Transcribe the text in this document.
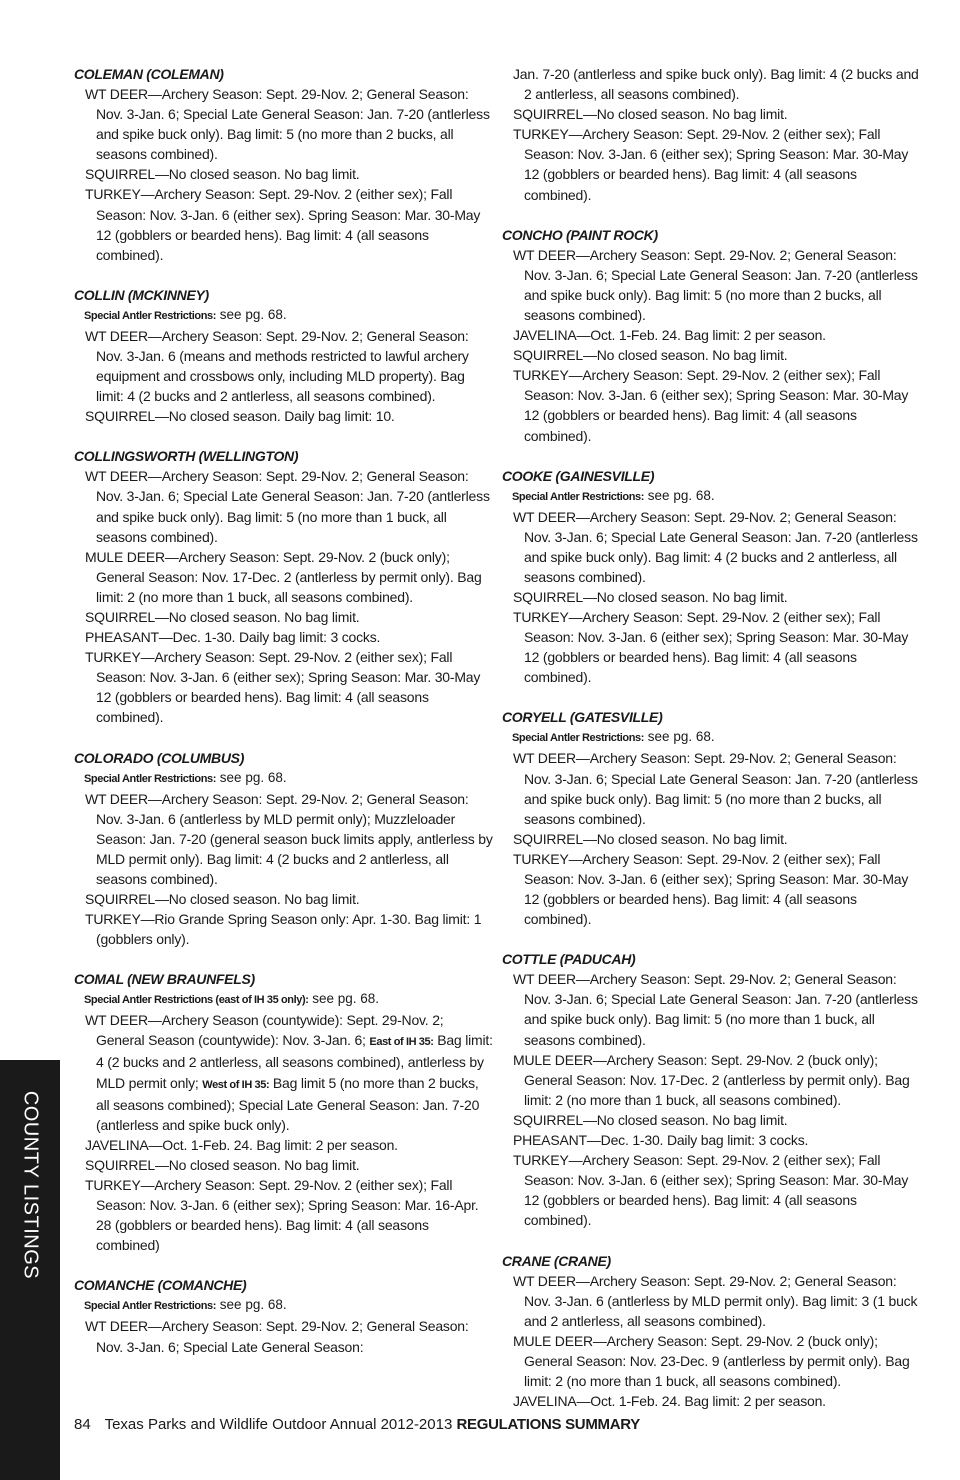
COLEMAN (COLEMAN)
WT DEER—Archery Season: Sept. 29-Nov. 2; General Season: Nov. 3-Jan. 6; Special Late General Season: Jan. 7-20 (antlerless and spike buck only). Bag limit: 5 (no more than 2 bucks, all seasons combined).
SQUIRREL—No closed season. No bag limit.
TURKEY—Archery Season: Sept. 29-Nov. 2 (either sex); Fall Season: Nov. 3-Jan. 6 (either sex). Spring Season: Mar. 30-May 12 (gobblers or bearded hens). Bag limit: 4 (all seasons combined).
COLLIN (MCKINNEY)
Special Antler Restrictions: see pg. 68.
WT DEER—Archery Season: Sept. 29-Nov. 2; General Season: Nov. 3-Jan. 6 (means and methods restricted to lawful archery equipment and crossbows only, including MLD property). Bag limit: 4 (2 bucks and 2 antlerless, all seasons combined).
SQUIRREL—No closed season. Daily bag limit: 10.
COLLINGSWORTH (WELLINGTON)
WT DEER—Archery Season: Sept. 29-Nov. 2; General Season: Nov. 3-Jan. 6; Special Late General Season: Jan. 7-20 (antlerless and spike buck only). Bag limit: 5 (no more than 1 buck, all seasons combined).
MULE DEER—Archery Season: Sept. 29-Nov. 2 (buck only); General Season: Nov. 17-Dec. 2 (antlerless by permit only). Bag limit: 2 (no more than 1 buck, all seasons combined).
SQUIRREL—No closed season. No bag limit.
PHEASANT—Dec. 1-30. Daily bag limit: 3 cocks.
TURKEY—Archery Season: Sept. 29-Nov. 2 (either sex); Fall Season: Nov. 3-Jan. 6 (either sex); Spring Season: Mar. 30-May 12 (gobblers or bearded hens). Bag limit: 4 (all seasons combined).
COLORADO (COLUMBUS)
Special Antler Restrictions: see pg. 68.
WT DEER—Archery Season: Sept. 29-Nov. 2; General Season: Nov. 3-Jan. 6 (antlerless by MLD permit only); Muzzleloader Season: Jan. 7-20 (general season buck limits apply, antlerless by MLD permit only). Bag limit: 4 (2 bucks and 2 antlerless, all seasons combined).
SQUIRREL—No closed season. No bag limit.
TURKEY—Rio Grande Spring Season only: Apr. 1-30. Bag limit: 1 (gobblers only).
COMAL (NEW BRAUNFELS)
Special Antler Restrictions (east of IH 35 only): see pg. 68.
WT DEER—Archery Season (countywide): Sept. 29-Nov. 2; General Season (countywide): Nov. 3-Jan. 6; East of IH 35: Bag limit: 4 (2 bucks and 2 antlerless, all seasons combined), antlerless by MLD permit only; West of IH 35: Bag limit 5 (no more than 2 bucks, all seasons combined); Special Late General Season: Jan. 7-20 (antlerless and spike buck only).
JAVELINA—Oct. 1-Feb. 24. Bag limit: 2 per season.
SQUIRREL—No closed season. No bag limit.
TURKEY—Archery Season: Sept. 29-Nov. 2 (either sex); Fall Season: Nov. 3-Jan. 6 (either sex); Spring Season: Mar. 16-Apr. 28 (gobblers or bearded hens). Bag limit: 4 (all seasons combined)
COMANCHE (COMANCHE)
Special Antler Restrictions: see pg. 68.
WT DEER—Archery Season: Sept. 29-Nov. 2; General Season: Nov. 3-Jan. 6; Special Late General Season:
Jan. 7-20 (antlerless and spike buck only). Bag limit: 4 (2 bucks and 2 antlerless, all seasons combined).
SQUIRREL—No closed season. No bag limit.
TURKEY—Archery Season: Sept. 29-Nov. 2 (either sex); Fall Season: Nov. 3-Jan. 6 (either sex); Spring Season: Mar. 30-May 12 (gobblers or bearded hens). Bag limit: 4 (all seasons combined).
CONCHO (PAINT ROCK)
WT DEER—Archery Season: Sept. 29-Nov. 2; General Season: Nov. 3-Jan. 6; Special Late General Season: Jan. 7-20 (antlerless and spike buck only). Bag limit: 5 (no more than 2 bucks, all seasons combined).
JAVELINA—Oct. 1-Feb. 24. Bag limit: 2 per season.
SQUIRREL—No closed season. No bag limit.
TURKEY—Archery Season: Sept. 29-Nov. 2 (either sex); Fall Season: Nov. 3-Jan. 6 (either sex); Spring Season: Mar. 30-May 12 (gobblers or bearded hens). Bag limit: 4 (all seasons combined).
COOKE (GAINESVILLE)
Special Antler Restrictions: see pg. 68.
WT DEER—Archery Season: Sept. 29-Nov. 2; General Season: Nov. 3-Jan. 6; Special Late General Season: Jan. 7-20 (antlerless and spike buck only). Bag limit: 4 (2 bucks and 2 antlerless, all seasons combined).
SQUIRREL—No closed season. No bag limit.
TURKEY—Archery Season: Sept. 29-Nov. 2 (either sex); Fall Season: Nov. 3-Jan. 6 (either sex); Spring Season: Mar. 30-May 12 (gobblers or bearded hens). Bag limit: 4 (all seasons combined).
CORYELL (GATESVILLE)
Special Antler Restrictions: see pg. 68.
WT DEER—Archery Season: Sept. 29-Nov. 2; General Season: Nov. 3-Jan. 6; Special Late General Season: Jan. 7-20 (antlerless and spike buck only). Bag limit: 5 (no more than 2 bucks, all seasons combined).
SQUIRREL—No closed season. No bag limit.
TURKEY—Archery Season: Sept. 29-Nov. 2 (either sex); Fall Season: Nov. 3-Jan. 6 (either sex); Spring Season: Mar. 30-May 12 (gobblers or bearded hens). Bag limit: 4 (all seasons combined).
COTTLE (PADUCAH)
WT DEER—Archery Season: Sept. 29-Nov. 2; General Season: Nov. 3-Jan. 6; Special Late General Season: Jan. 7-20 (antlerless and spike buck only). Bag limit: 5 (no more than 1 buck, all seasons combined).
MULE DEER—Archery Season: Sept. 29-Nov. 2 (buck only); General Season: Nov. 17-Dec. 2 (antlerless by permit only). Bag limit: 2 (no more than 1 buck, all seasons combined).
SQUIRREL—No closed season. No bag limit.
PHEASANT—Dec. 1-30. Daily bag limit: 3 cocks.
TURKEY—Archery Season: Sept. 29-Nov. 2 (either sex); Fall Season: Nov. 3-Jan. 6 (either sex); Spring Season: Mar. 30-May 12 (gobblers or bearded hens). Bag limit: 4 (all seasons combined).
CRANE (CRANE)
WT DEER—Archery Season: Sept. 29-Nov. 2; General Season: Nov. 3-Jan. 6 (antlerless by MLD permit only). Bag limit: 3 (1 buck and 2 antlerless, all seasons combined).
MULE DEER—Archery Season: Sept. 29-Nov. 2 (buck only); General Season: Nov. 23-Dec. 9 (antlerless by permit only). Bag limit: 2 (no more than 1 buck, all seasons combined).
JAVELINA—Oct. 1-Feb. 24. Bag limit: 2 per season.
COUNTY LISTINGS
84 Texas Parks and Wildlife Outdoor Annual 2012-2013 REGULATIONS SUMMARY
